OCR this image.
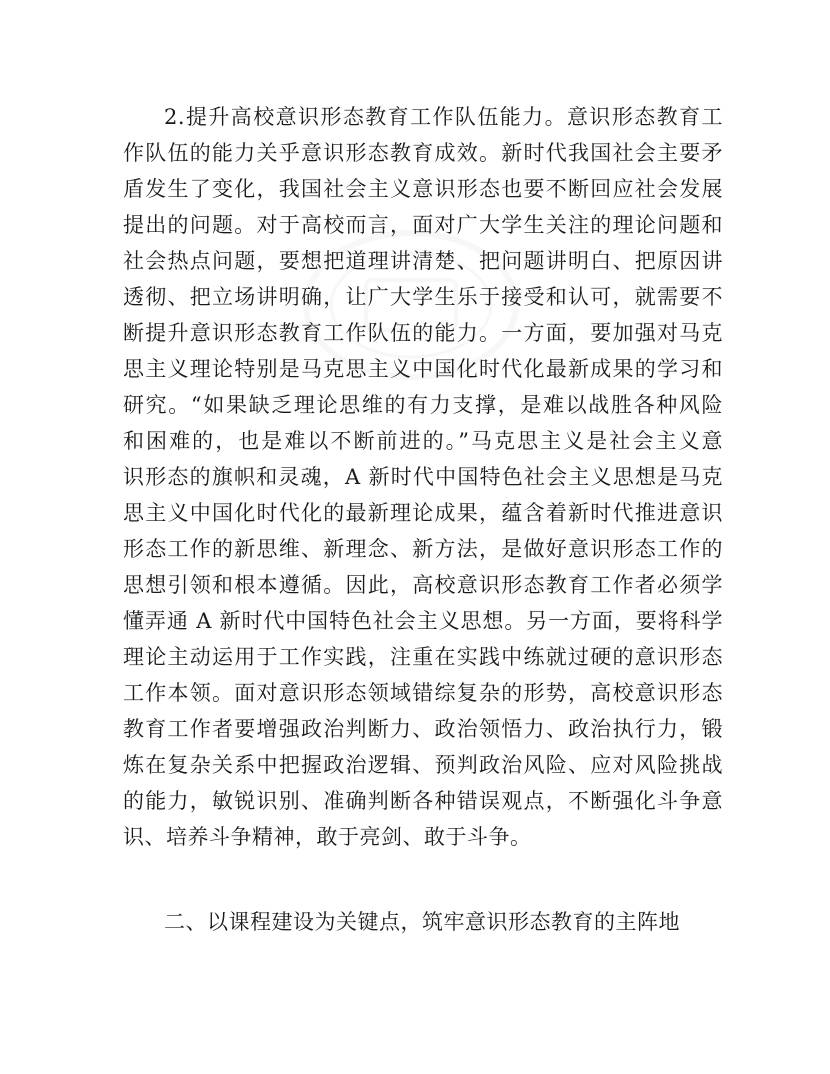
2.提升高校意识形态教育工作队伍能力。意识形态教育工
作队伍的能力关乎意识形态教育成效。新时代我国社会主要矛
盾发生了变化，我国社会主义意识形态也要不断回应社会发展
提出的问题。对于高校而言，面对广大学生关注的理论问题和
社会热点问题，要想把道理讲清楚、把问题讲明白、把原因讲
透彻、把立场讲明确，让广大学生乐于接受和认可，就需要不
断提升意识形态教育工作队伍的能力。一方面，要加强对马克
思主义理论特别是马克思主义中国化时代化最新成果的学习和
研究。“如果缺乏理论思维的有力支撑，是难以战胜各种风险
和困难的，也是难以不断前进的。”马克思主义是社会主义意
识形态的旗帜和灵魂，A 新时代中国特色社会主义思想是马克
思主义中国化时代化的最新理论成果，蕴含着新时代推进意识
形态工作的新思维、新理念、新方法，是做好意识形态工作的
思想引领和根本遵循。因此，高校意识形态教育工作者必须学
懂弄通 A 新时代中国特色社会主义思想。另一方面，要将科学
理论主动运用于工作实践，注重在实践中练就过硬的意识形态
工作本领。面对意识形态领域错综复杂的形势，高校意识形态
教育工作者要增强政治判断力、政治领悟力、政治执行力，锻
炼在复杂关系中把握政治逻辑、预判政治风险、应对风险挑战
的能力，敏锐识别、准确判断各种错误观点，不断强化斗争意
识、培养斗争精神，敢于亮剑、敢于斗争。
二、以课程建设为关键点，筑牢意识形态教育的主阵地
